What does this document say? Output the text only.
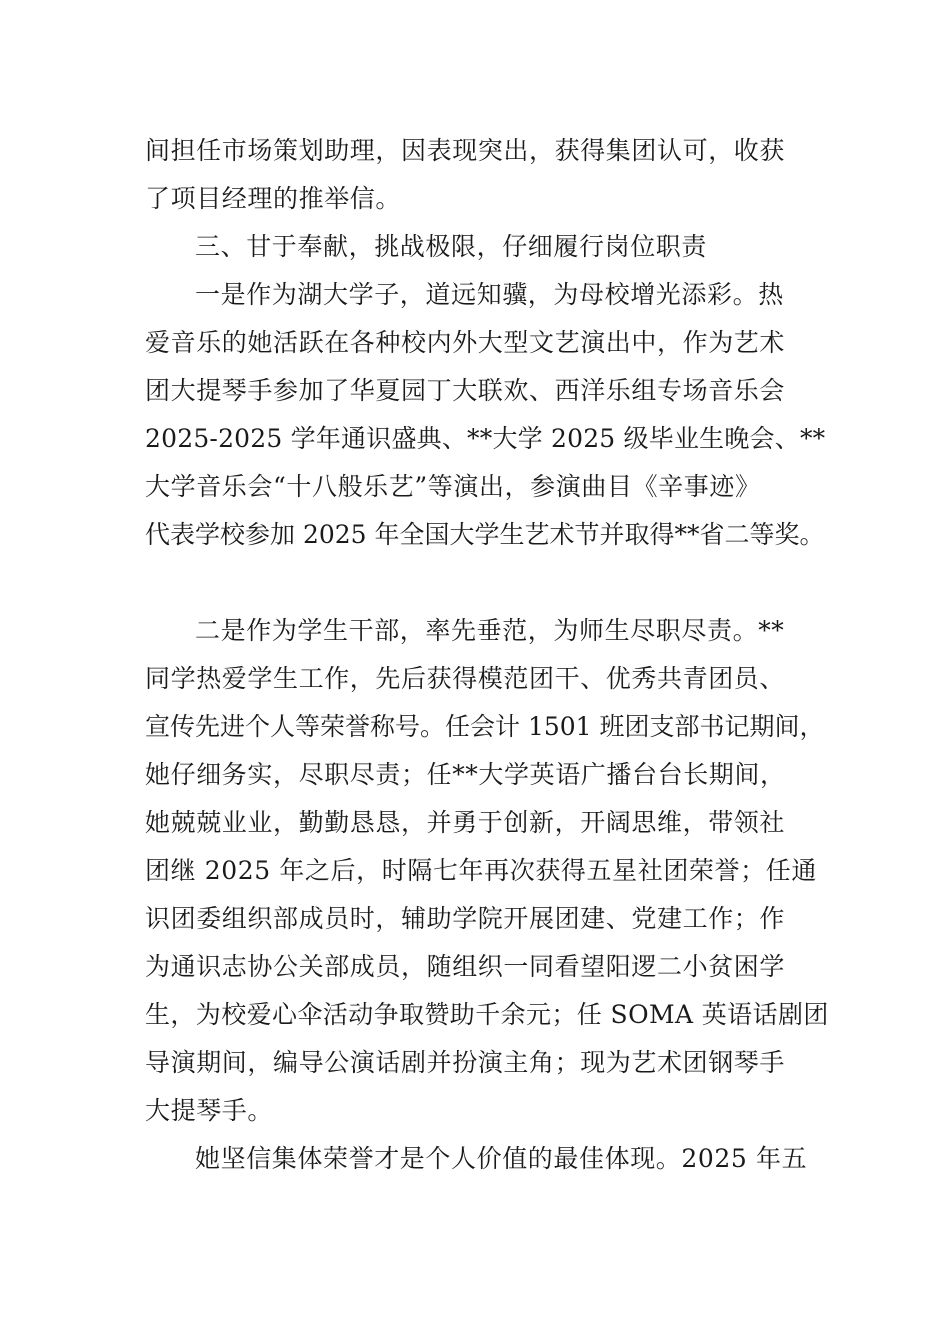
间担任市场策划助理，因表现突出，获得集团认可，收获
了项目经理的推举信。
三、甘于奉献，挑战极限，仔细履行岗位职责
一是作为湖大学子，道远知骥，为母校增光添彩。热
爱音乐的她活跃在各种校内外大型文艺演出中，作为艺术
团大提琴手参加了华夏园丁大联欢、西洋乐组专场音乐会
2025-2025 学年通识盛典、**大学 2025 级毕业生晚会、**
大学音乐会“十八般乐艺”等演出，参演曲目《辛事迹》
代表学校参加 2025 年全国大学生艺术节并取得**省二等奖。
二是作为学生干部，率先垂范，为师生尽职尽责。**
同学热爱学生工作，先后获得模范团干、优秀共青团员、
宣传先进个人等荣誉称号。任会计 1501 班团支部书记期间，
她仔细务实，尽职尽责；任**大学英语广播台台长期间，
她兢兢业业，勤勤恳恳，并勇于创新，开阔思维，带领社
团继 2025 年之后，时隔七年再次获得五星社团荣誉；任通
识团委组织部成员时，辅助学院开展团建、党建工作；作
为通识志协公关部成员，随组织一同看望阳逻二小贫困学
生，为校爱心伞活动争取赞助千余元；任 SOMA 英语话剧团
导演期间，编导公演话剧并扮演主角；现为艺术团钢琴手
大提琴手。
她坚信集体荣誉才是个人价值的最佳体现。2025 年五
